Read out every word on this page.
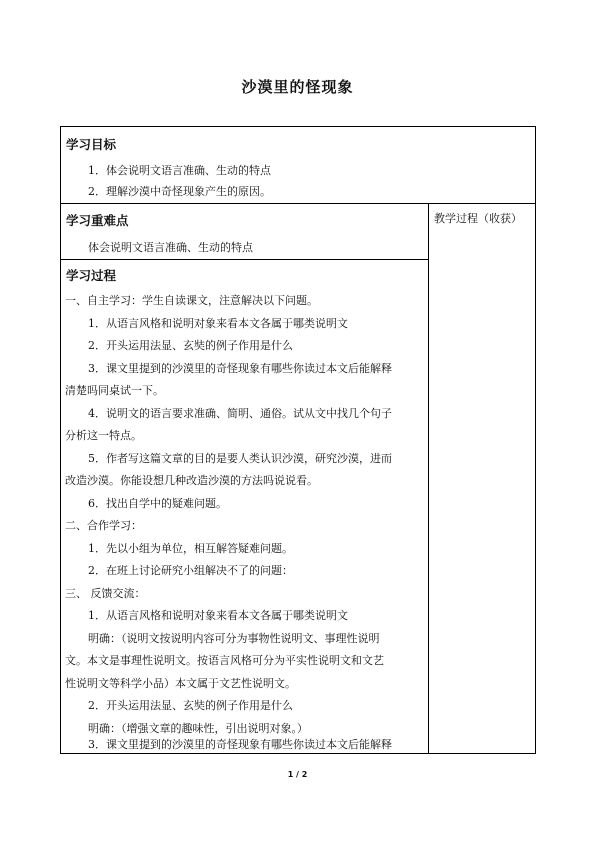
沙漠里的怪现象
教学过程（收获）
学习目标
1．体会说明文语言准确、生动的特点
2．理解沙漠中奇怪现象产生的原因。
学习重难点
体会说明文语言准确、生动的特点
学习过程
一、自主学习：学生自读课文，注意解决以下问题。
1．从语言风格和说明对象来看本文各属于哪类说明文
2．开头运用法显、玄奘的例子作用是什么
3．课文里提到的沙漠里的奇怪现象有哪些你读过本文后能解释
清楚吗同桌试一下。
4．说明文的语言要求准确、简明、通俗。试从文中找几个句子
分析这一特点。
5．作者写这篇文章的目的是要人类认识沙漠，研究沙漠，进而
改造沙漠。你能设想几种改造沙漠的方法吗说说看。
6．找出自学中的疑难问题。
二、合作学习：
1．先以小组为单位，相互解答疑难问题。
2．在班上讨论研究小组解决不了的问题：
三、 反馈交流：
1．从语言风格和说明对象来看本文各属于哪类说明文
明确：（说明文按说明内容可分为事物性说明文、事理性说明
文。本文是事理性说明文。按语言风格可分为平实性说明文和文艺
性说明文等科学小品）本文属于文艺性说明文。
2．开头运用法显、玄奘的例子作用是什么
明确：（增强文章的趣味性，引出说明对象。）
3．课文里提到的沙漠里的奇怪现象有哪些你读过本文后能解释
1 / 2
